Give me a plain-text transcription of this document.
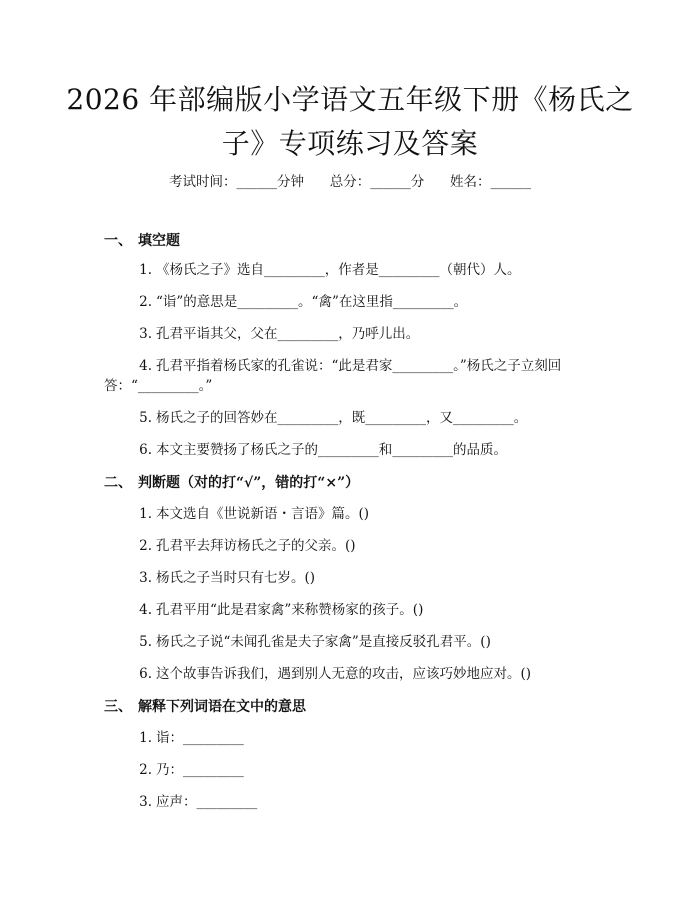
2026 年部编版小学语文五年级下册《杨氏之
子》专项练习及答案
考试时间：______分钟      总分：______分      姓名：______
一、 填空题
1. 《杨氏之子》选自_________，作者是_________（朝代）人。
2. “诣”的意思是_________。“禽”在这里指_________。
3. 孔君平诣其父，父在_________，乃呼儿出。
4. 孔君平指着杨氏家的孔雀说：“此是君家_________。”杨氏之子立刻回
答：“_________。”
5. 杨氏之子的回答妙在_________，既_________，又_________。
6. 本文主要赞扬了杨氏之子的_________和_________的品质。
二、 判断题（对的打“√”，错的打“×”）
1. 本文选自《世说新语・言语》篇。()
2. 孔君平去拜访杨氏之子的父亲。()
3. 杨氏之子当时只有七岁。()
4. 孔君平用“此是君家禽”来称赞杨家的孩子。()
5. 杨氏之子说“未闻孔雀是夫子家禽”是直接反驳孔君平。()
6. 这个故事告诉我们，遇到别人无意的攻击，应该巧妙地应对。()
三、 解释下列词语在文中的意思
1. 诣：_________
2. 乃：_________
3. 应声：_________
